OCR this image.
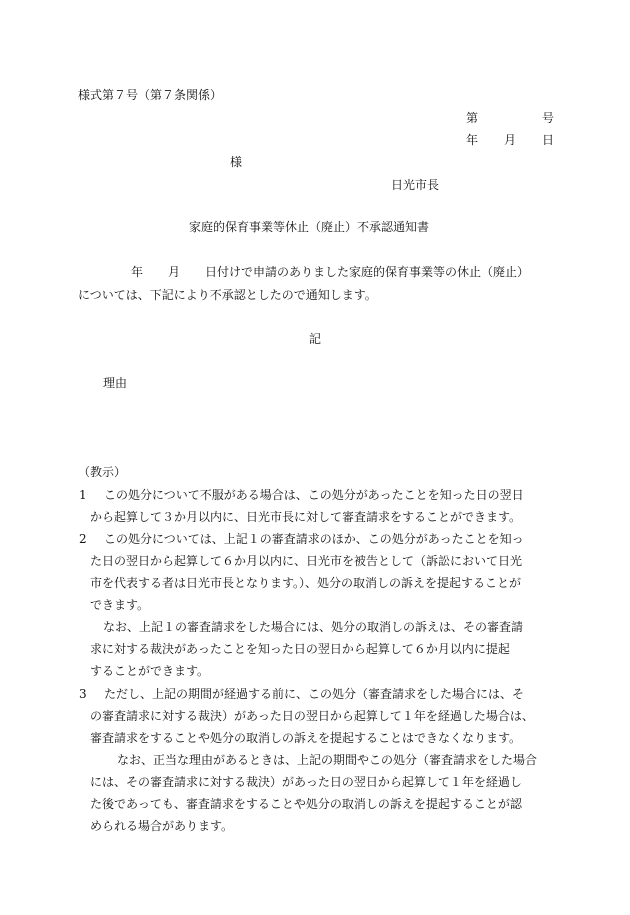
様式第７号（第７条関係）
第	号
年 月 日
様
日光市長
家庭的保育事業等休止（廃止）不承認通知書
年 月 日付けで申請のありました家庭的保育事業等の休止（廃止）
については、下記により不承認としたので通知します。
記
理由
（教示）
1 この処分について不服がある場合は、この処分があったことを知った日の翌日
から起算して３か月以内に、日光市長に対して審査請求をすることができます。
2 この処分については、上記１の審査請求のほか、この処分があったことを知っ
た日の翌日から起算して６か月以内に、日光市を被告として（訴訟において日光
市を代表する者は日光市長となります。）、処分の取消しの訴えを提起することが
できます。
なお、上記１の審査請求をした場合には、処分の取消しの訴えは、その審査請
求に対する裁決があったことを知った日の翌日から起算して６か月以内に提起
することができます。
3 ただし、上記の期間が経過する前に、この処分（審査請求をした場合には、そ
の審査請求に対する裁決）があった日の翌日から起算して１年を経過した場合は、
審査請求をすることや処分の取消しの訴えを提起することはできなくなります。
なお、正当な理由があるときは、上記の期間やこの処分（審査請求をした場合
には、その審査請求に対する裁決）があった日の翌日から起算して１年を経過し
た後であっても、審査請求をすることや処分の取消しの訴えを提起することが認
められる場合があります。
